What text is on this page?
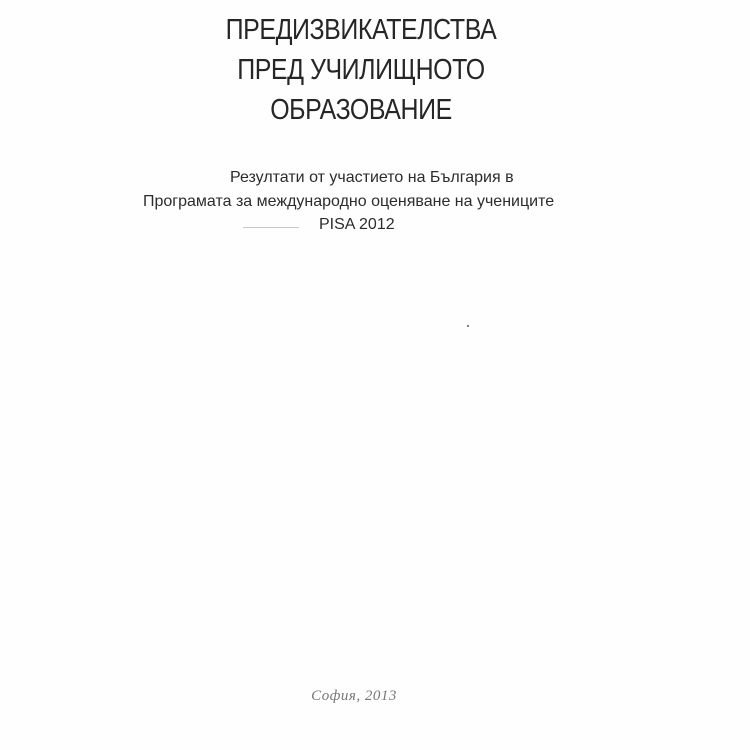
ПРЕДИЗВИКАТЕЛСТВА
ПРЕД УЧИЛИЩНОТО
ОБРАЗОВАНИЕ
Резултати от участието на България в
Програмата за международно оценяване на учениците
PISA 2012
София, 2013
